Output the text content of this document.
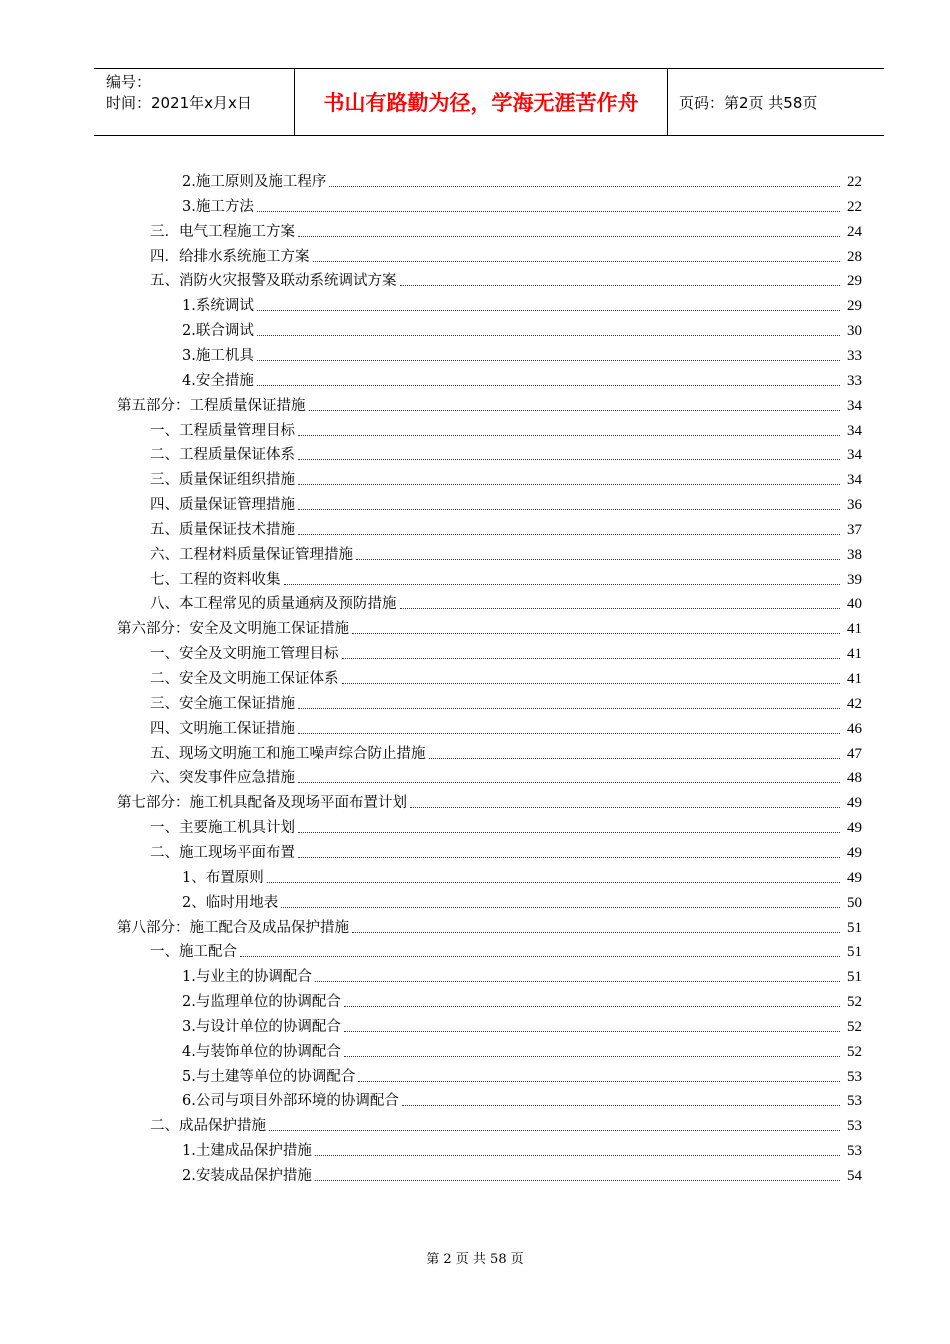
编号：
时间：2021年x月x日	书山有路勤为径，学海无涯苦作舟	页码：第2页 共58页
2.施工原则及施工程序	22
3.施工方法	22
三．电气工程施工方案	24
四．给排水系统施工方案	28
五、消防火灾报警及联动系统调试方案	29
1.系统调试	29
2.联合调试	30
3.施工机具	33
4.安全措施	33
第五部分：工程质量保证措施	34
一、工程质量管理目标	34
二、工程质量保证体系	34
三、质量保证组织措施	34
四、质量保证管理措施	36
五、质量保证技术措施	37
六、工程材料质量保证管理措施	38
七、工程的资料收集	39
八、本工程常见的质量通病及预防措施	40
第六部分：安全及文明施工保证措施	41
一、安全及文明施工管理目标	41
二、安全及文明施工保证体系	41
三、安全施工保证措施	42
四、文明施工保证措施	46
五、现场文明施工和施工噪声综合防止措施	47
六、突发事件应急措施	48
第七部分：施工机具配备及现场平面布置计划	49
一、主要施工机具计划	49
二、施工现场平面布置	49
1、布置原则	49
2、临时用地表	50
第八部分：施工配合及成品保护措施	51
一、施工配合	51
1.与业主的协调配合	51
2.与监理单位的协调配合	52
3.与设计单位的协调配合	52
4.与装饰单位的协调配合	52
5.与土建等单位的协调配合	53
6.公司与项目外部环境的协调配合	53
二、成品保护措施	53
1.土建成品保护措施	53
2.安装成品保护措施	54
第 2 页 共 58 页
